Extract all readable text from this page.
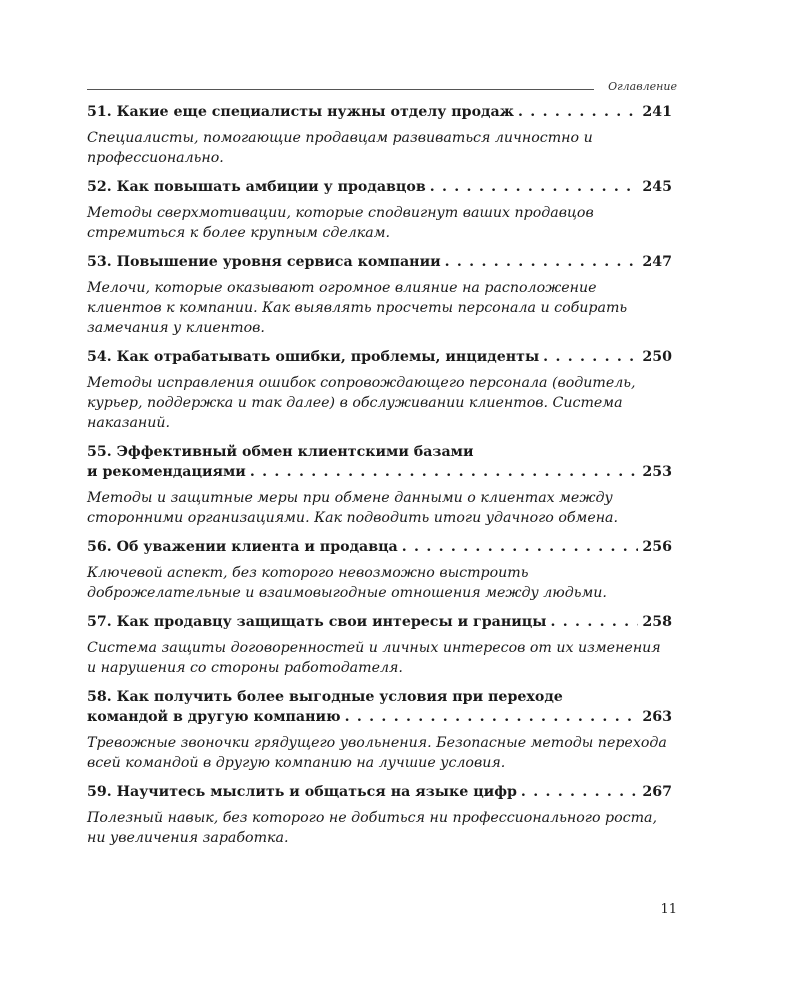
Оглавление
51. Какие еще специалисты нужны отделу продаж . . .	241
Специалисты, помогающие продавцам развиваться личностно и профессионально.
52. Как повышать амбиции у продавцов . . .	245
Методы сверхмотивации, которые сподвигнут ваших продавцов стремиться к более крупным сделкам.
53. Повышение уровня сервиса компании . . .	247
Мелочи, которые оказывают огромное влияние на расположение клиентов к компании. Как выявлять просчеты персонала и собирать замечания у клиентов.
54. Как отрабатывать ошибки, проблемы, инциденты . . .	250
Методы исправления ошибок сопровождающего персонала (водитель, курьер, поддержка и так далее) в обслуживании клиентов. Система наказаний.
55. Эффективный обмен клиентскими базами
и рекомендациями . . .	253
Методы и защитные меры при обмене данными о клиентах между сторонними организациями. Как подводить итоги удачного обмена.
56. Об уважении клиента и продавца . . .	256
Ключевой аспект, без которого невозможно выстроить доброжелательные и взаимовыгодные отношения между людьми.
57. Как продавцу защищать свои интересы и границы . . .	258
Система защиты договоренностей и личных интересов от их изменения и нарушения со стороны работодателя.
58. Как получить более выгодные условия при переходе
командой в другую компанию . . .	263
Тревожные звоночки грядущего увольнения. Безопасные методы перехода всей командой в другую компанию на лучшие условия.
59. Научитесь мыслить и общаться на языке цифр . . .	267
Полезный навык, без которого не добиться ни профессионального роста, ни увеличения заработка.
11
